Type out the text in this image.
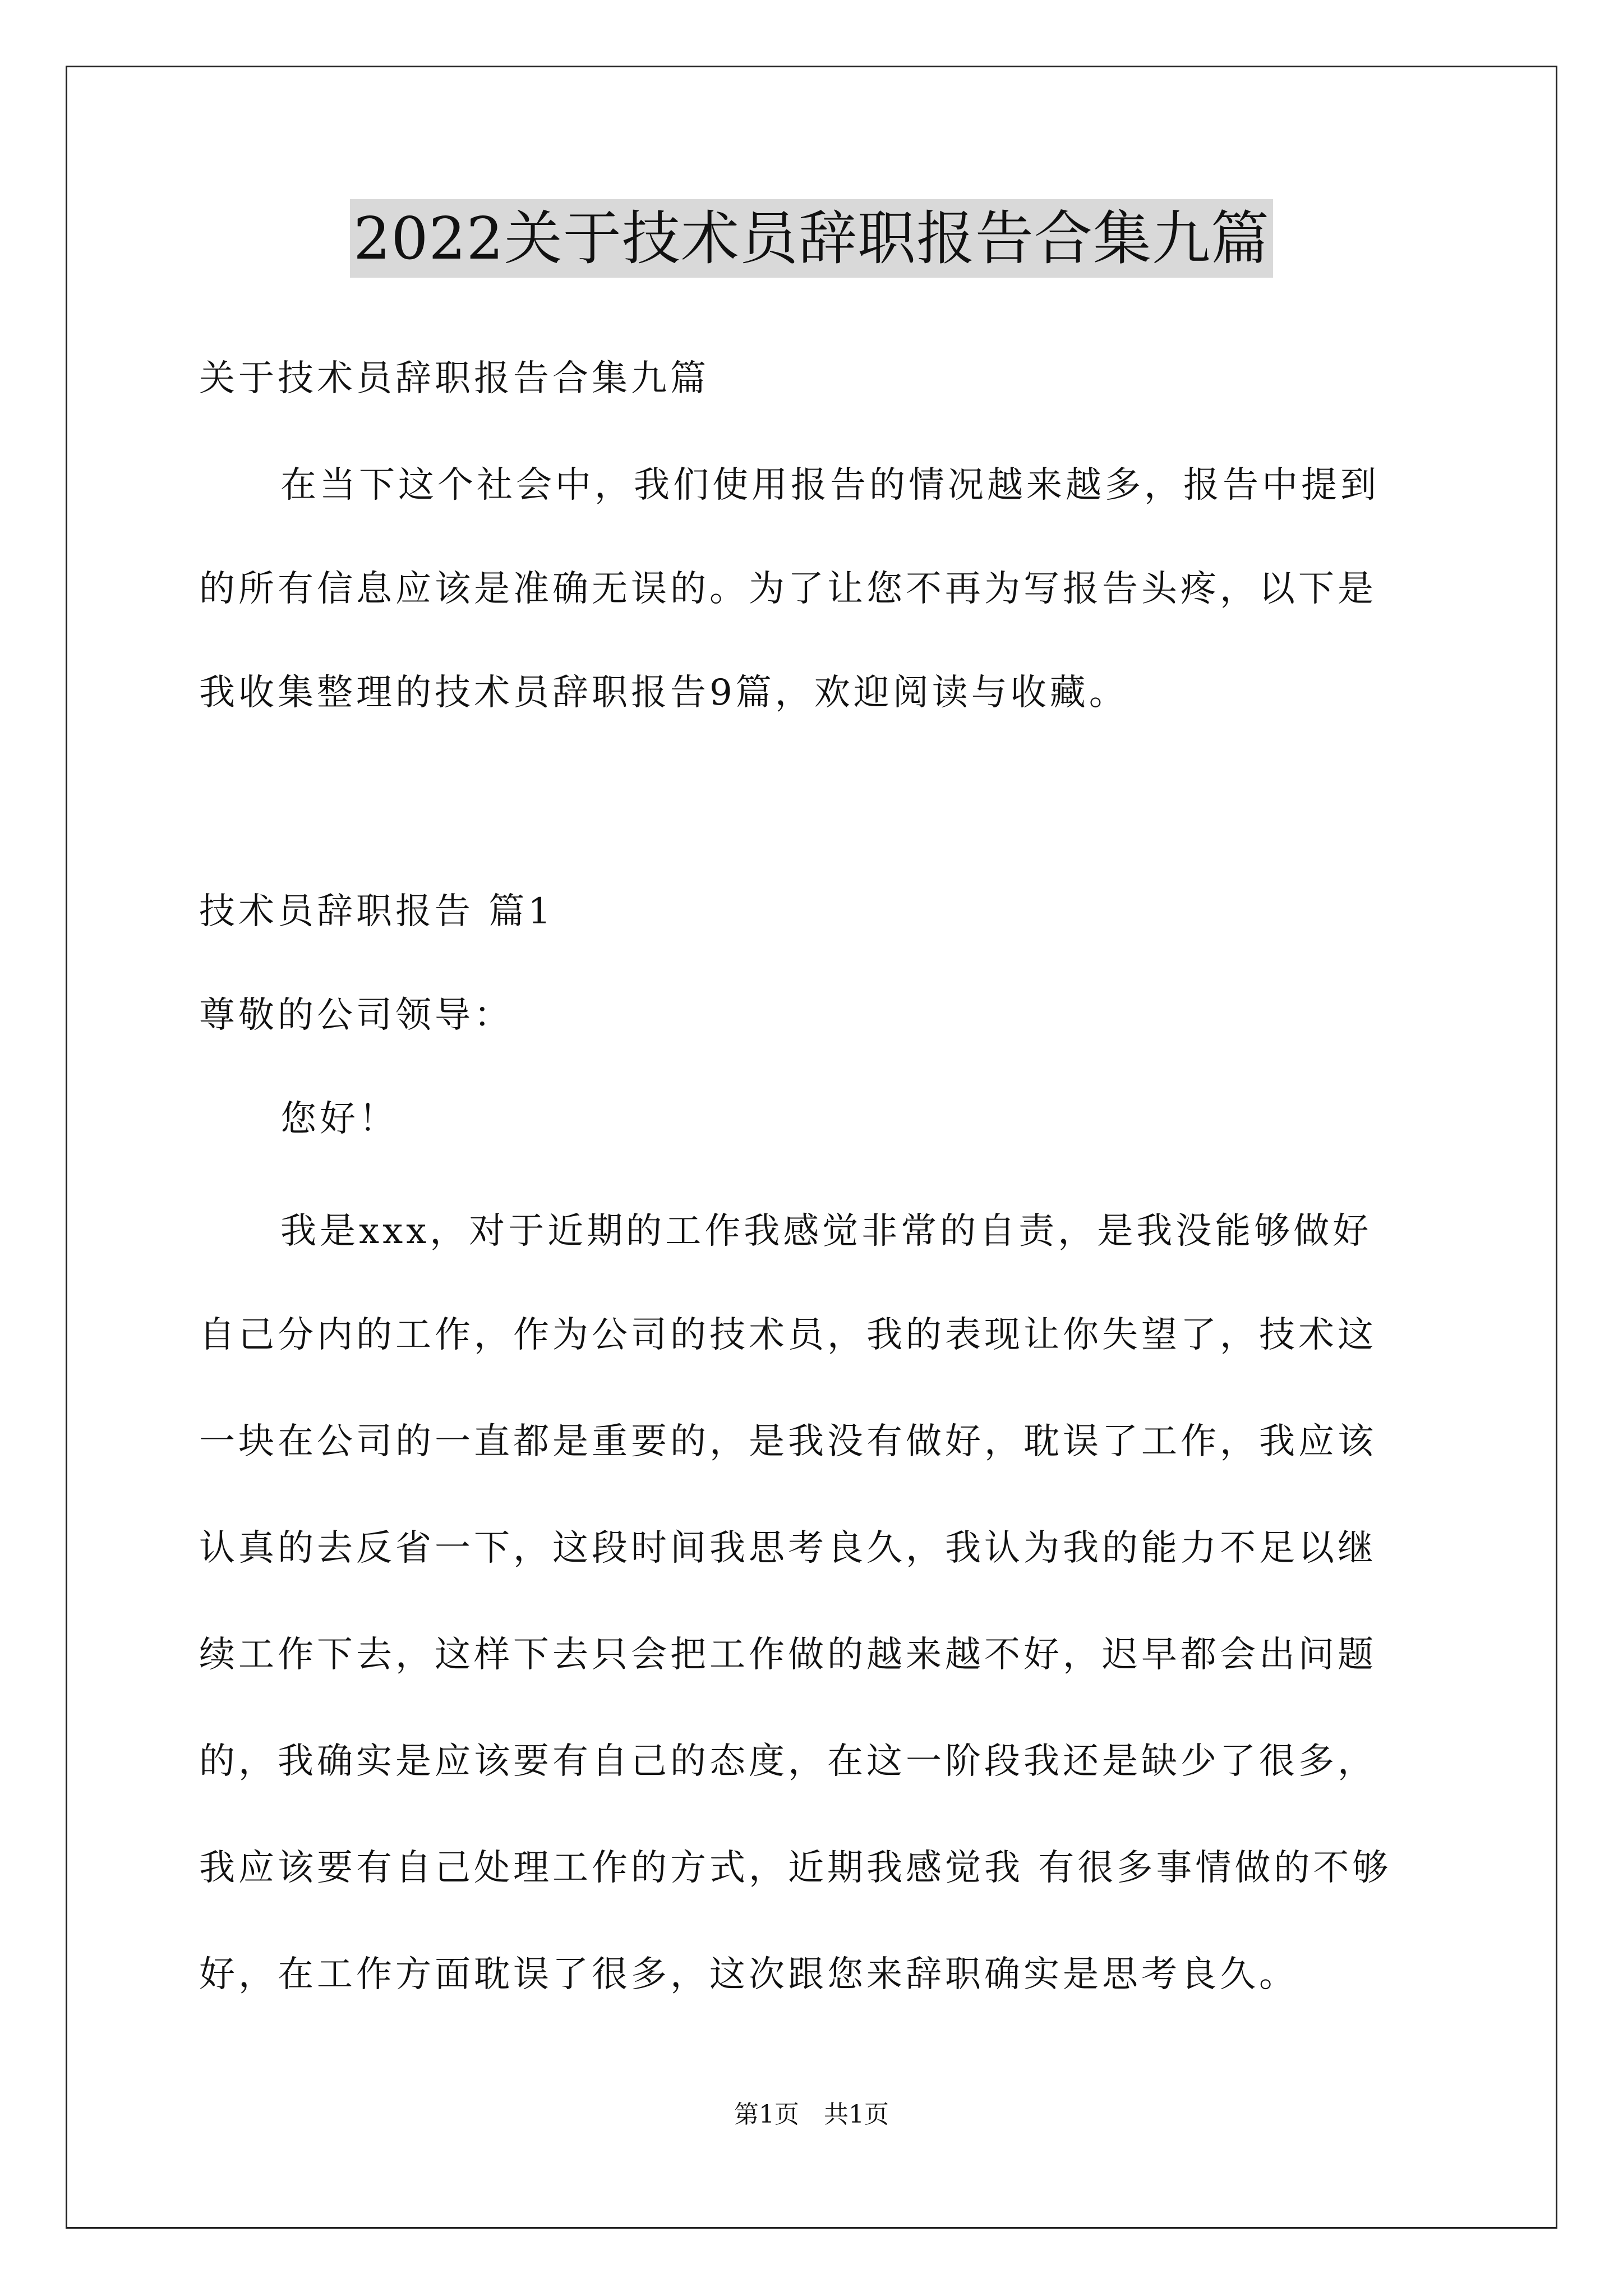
2022关于技术员辞职报告合集九篇
关于技术员辞职报告合集九篇
在当下这个社会中，我们使用报告的情况越来越多，报告中提到
的所有信息应该是准确无误的。为了让您不再为写报告头疼，以下是
我收集整理的技术员辞职报告9篇，欢迎阅读与收藏。
技术员辞职报告 篇1
尊敬的公司领导：
您好！
我是xxx，对于近期的工作我感觉非常的自责，是我没能够做好
自己分内的工作，作为公司的技术员，我的表现让你失望了，技术这
一块在公司的一直都是重要的，是我没有做好，耽误了工作，我应该
认真的去反省一下，这段时间我思考良久，我认为我的能力不足以继
续工作下去，这样下去只会把工作做的越来越不好，迟早都会出问题
的，我确实是应该要有自己的态度，在这一阶段我还是缺少了很多，
我应该要有自己处理工作的方式，近期我感觉我 有很多事情做的不够
好，在工作方面耽误了很多，这次跟您来辞职确实是思考良久。
第1页　共1页
